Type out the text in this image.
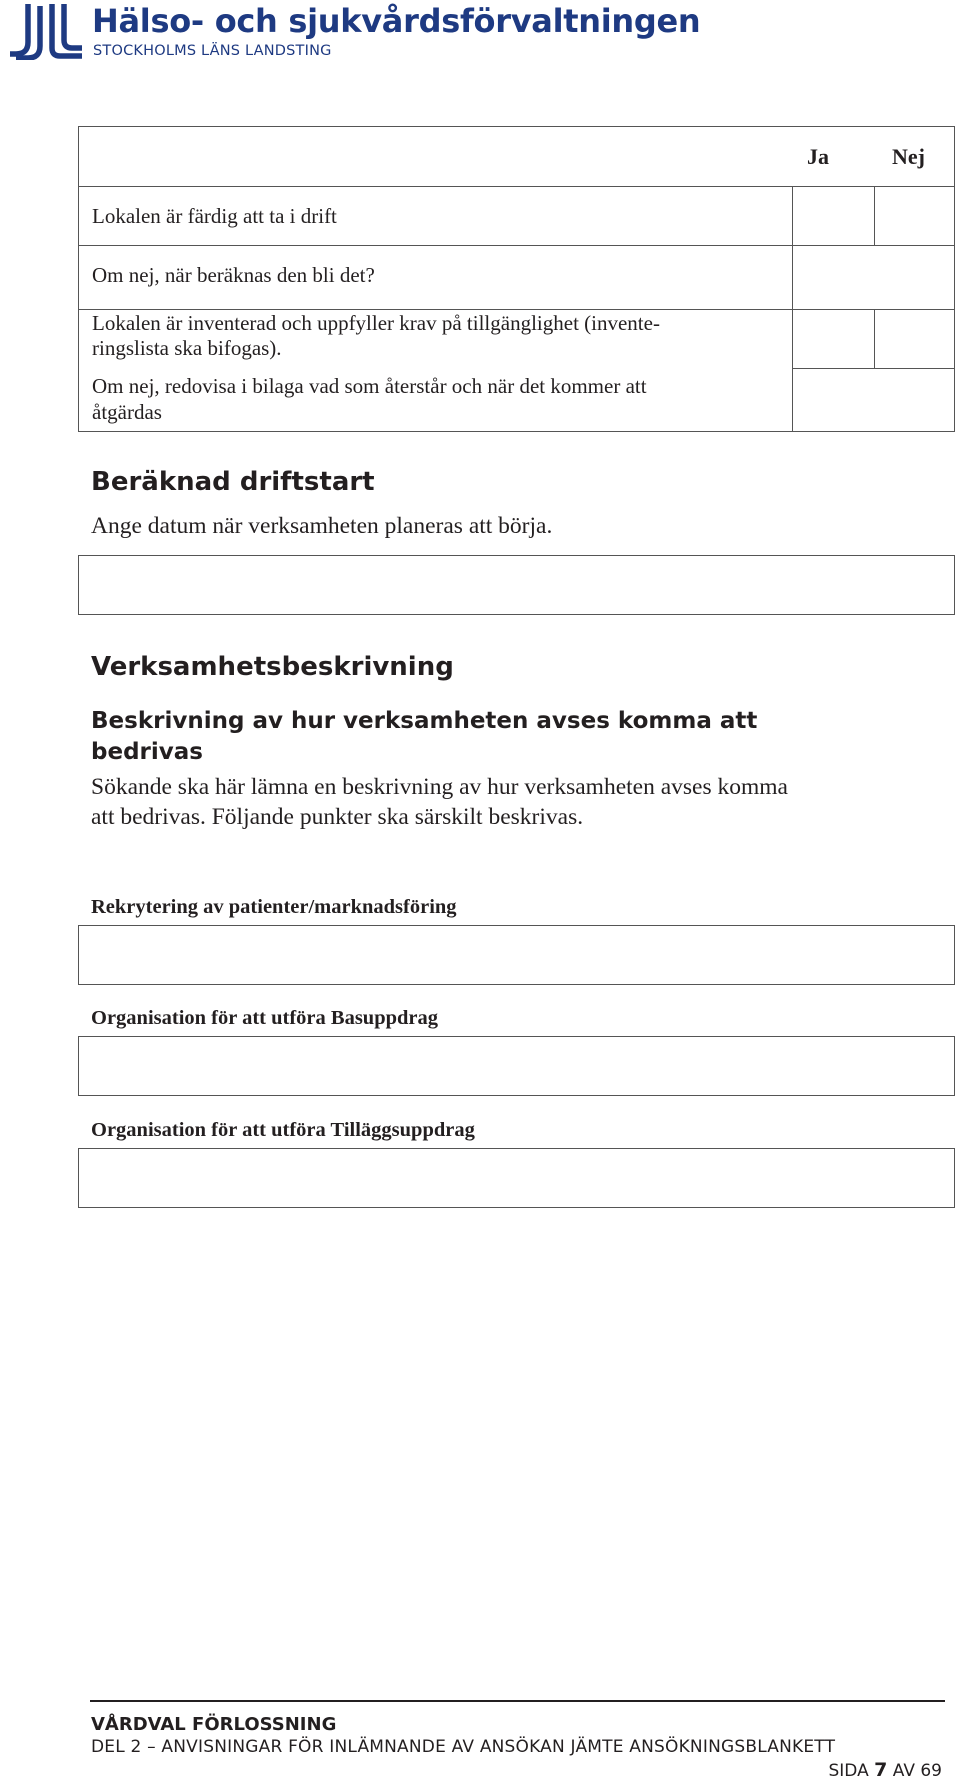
Hälso- och sjukvårdsförvaltningen
STOCKHOLMS LÄNS LANDSTING
Ja	Nej
Lokalen är färdig att ta i drift
Om nej, när beräknas den bli det?
Lokalen är inventerad och uppfyller krav på tillgänglighet (invente-
ringslista ska bifogas).
Om nej, redovisa i bilaga vad som återstår och när det kommer att
åtgärdas
Beräknad driftstart
Ange datum när verksamheten planeras att börja.
Verksamhetsbeskrivning
Beskrivning av hur verksamheten avses komma att
bedrivas
Sökande ska här lämna en beskrivning av hur verksamheten avses komma
att bedrivas. Följande punkter ska särskilt beskrivas.
Rekrytering av patienter/marknadsföring
Organisation för att utföra Basuppdrag
Organisation för att utföra Tilläggsuppdrag
VÅRDVAL FÖRLOSSNING
DEL 2 – ANVISNINGAR FÖR INLÄMNANDE AV ANSÖKAN JÄMTE ANSÖKNINGSBLANKETT
SIDA 7 AV 69
